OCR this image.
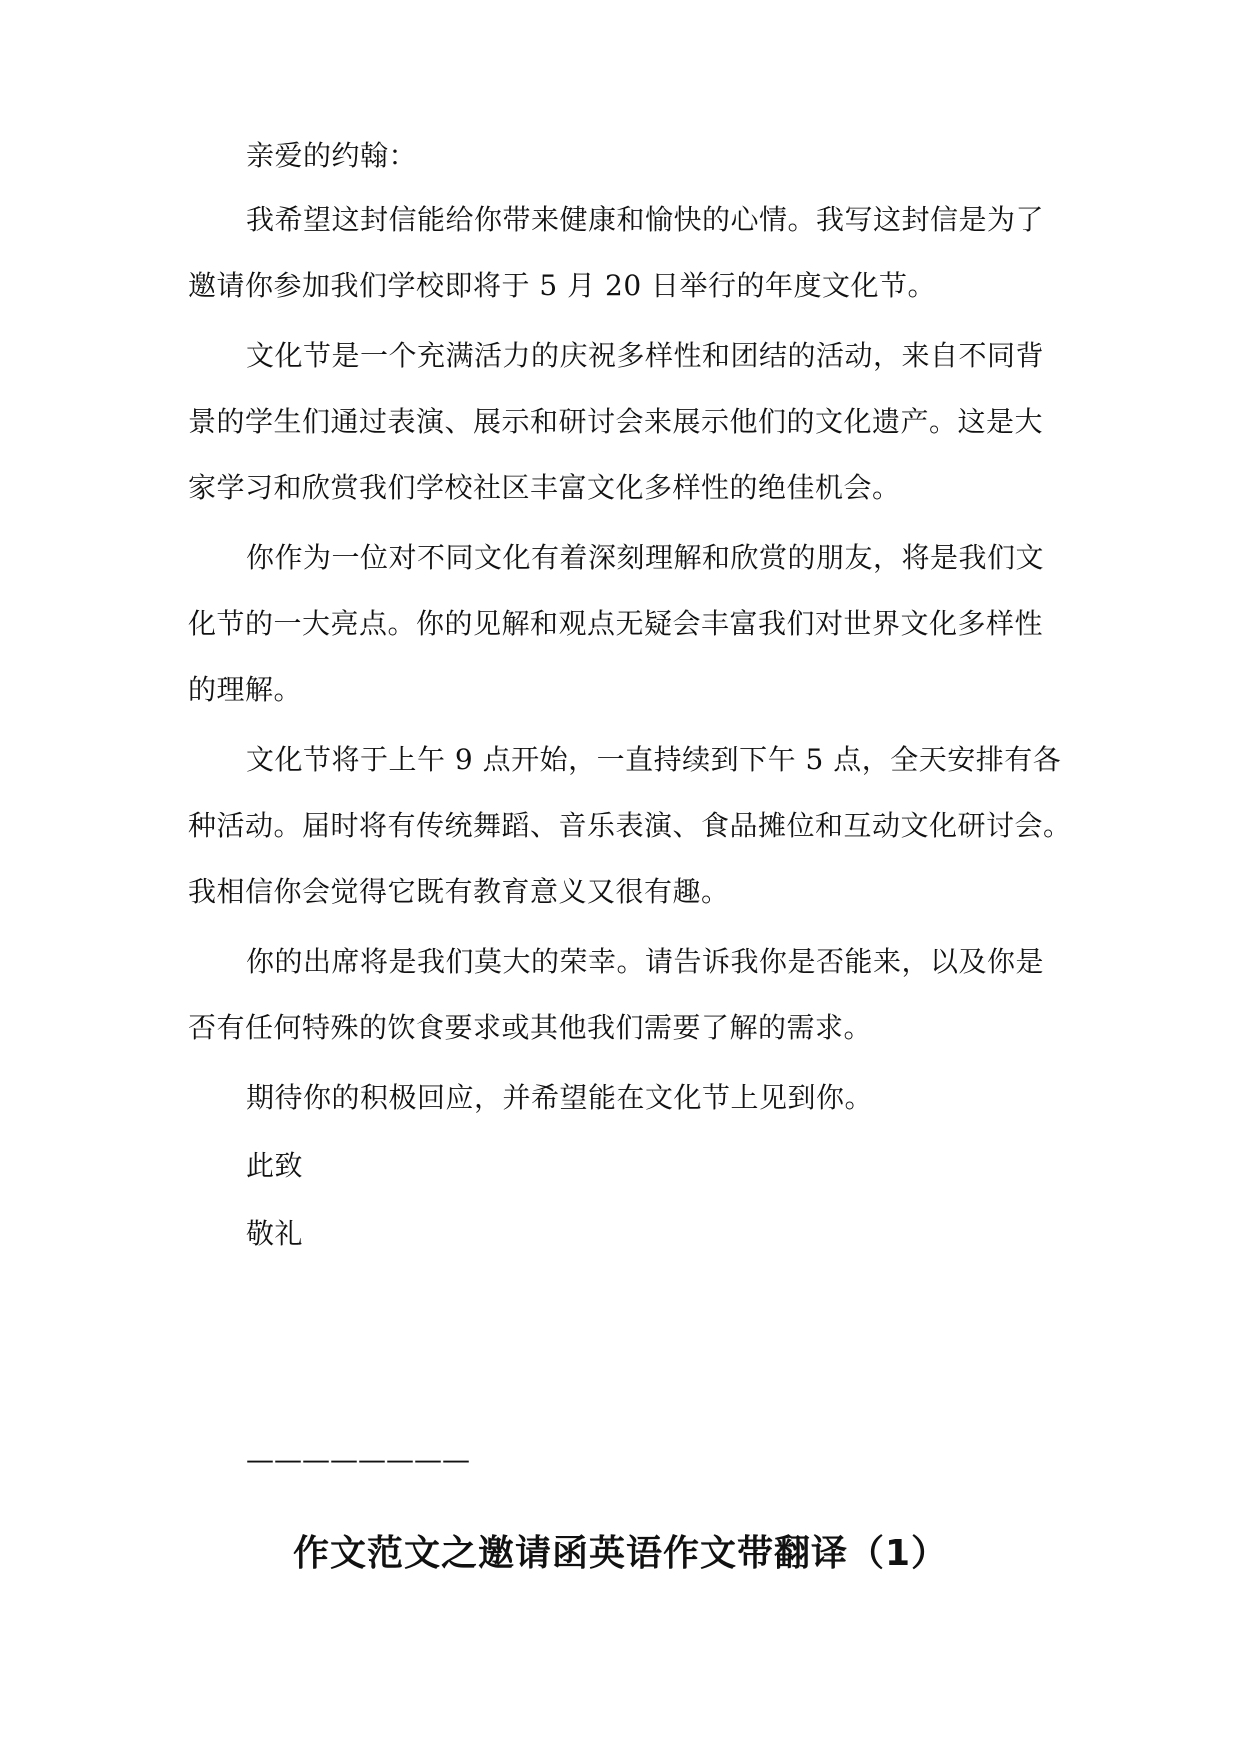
亲爱的约翰：
我希望这封信能给你带来健康和愉快的心情。我写这封信是为了
邀请你参加我们学校即将于 5 月 20 日举行的年度文化节。
文化节是一个充满活力的庆祝多样性和团结的活动，来自不同背
景的学生们通过表演、展示和研讨会来展示他们的文化遗产。这是大
家学习和欣赏我们学校社区丰富文化多样性的绝佳机会。
你作为一位对不同文化有着深刻理解和欣赏的朋友，将是我们文
化节的一大亮点。你的见解和观点无疑会丰富我们对世界文化多样性
的理解。
文化节将于上午 9 点开始，一直持续到下午 5 点，全天安排有各
种活动。届时将有传统舞蹈、音乐表演、食品摊位和互动文化研讨会。
我相信你会觉得它既有教育意义又很有趣。
你的出席将是我们莫大的荣幸。请告诉我你是否能来，以及你是
否有任何特殊的饮食要求或其他我们需要了解的需求。
期待你的积极回应，并希望能在文化节上见到你。
此致
敬礼
————————
作文范文之邀请函英语作文带翻译（1）
